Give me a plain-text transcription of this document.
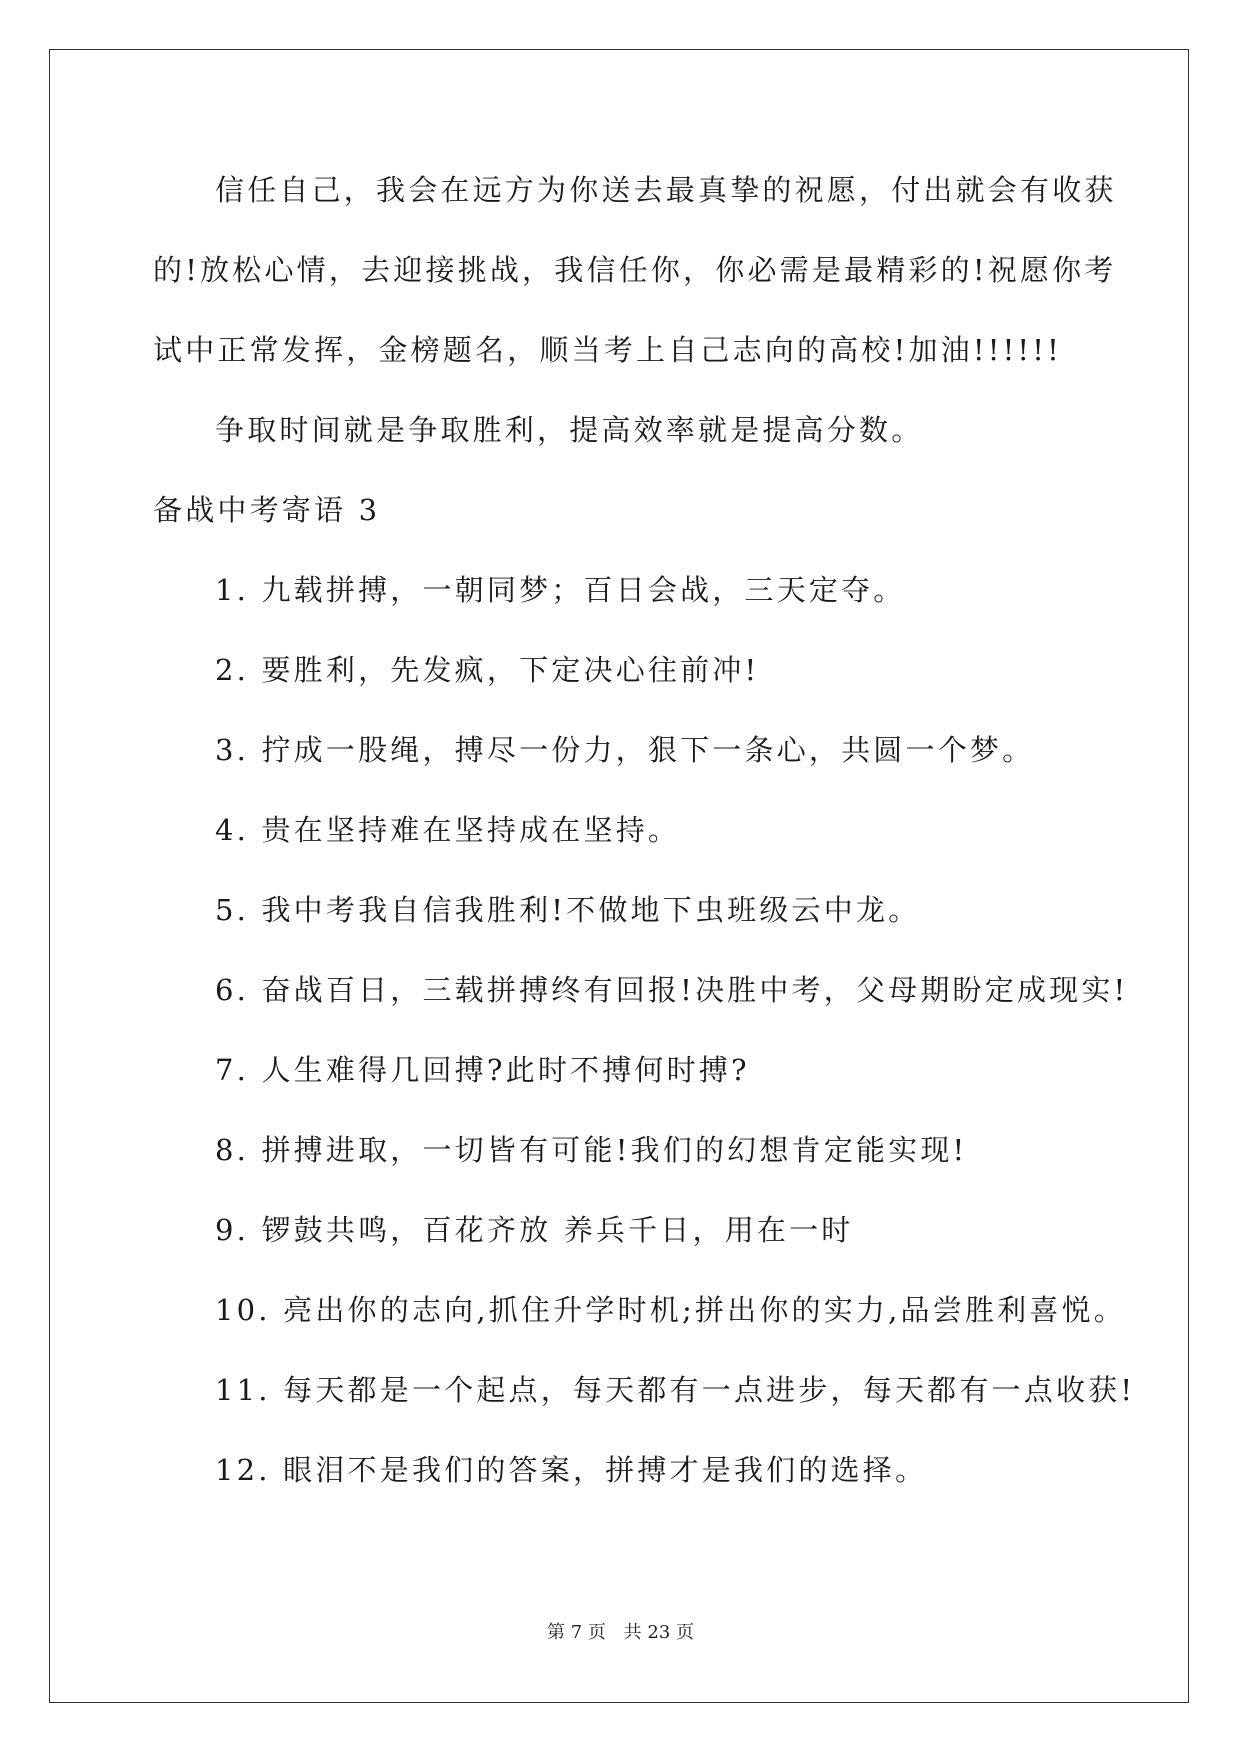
信任自己，我会在远方为你送去最真挚的祝愿，付出就会有收获
的!放松心情，去迎接挑战，我信任你，你必需是最精彩的!祝愿你考
试中正常发挥，金榜题名，顺当考上自己志向的高校!加油!!!!!!
争取时间就是争取胜利，提高效率就是提高分数。
备战中考寄语 3
1. 九载拼搏，一朝同梦；百日会战，三天定夺。
2. 要胜利，先发疯，下定决心往前冲!
3. 拧成一股绳，搏尽一份力，狠下一条心，共圆一个梦。
4. 贵在坚持难在坚持成在坚持。
5. 我中考我自信我胜利!不做地下虫班级云中龙。
6. 奋战百日，三载拼搏终有回报!决胜中考，父母期盼定成现实!
7. 人生难得几回搏?此时不搏何时搏?
8. 拼搏进取，一切皆有可能!我们的幻想肯定能实现!
9. 锣鼓共鸣，百花齐放 养兵千日，用在一时
10. 亮出你的志向,抓住升学时机;拼出你的实力,品尝胜利喜悦。
11. 每天都是一个起点，每天都有一点进步，每天都有一点收获!
12. 眼泪不是我们的答案，拼搏才是我们的选择。
第 7 页 共 23 页
